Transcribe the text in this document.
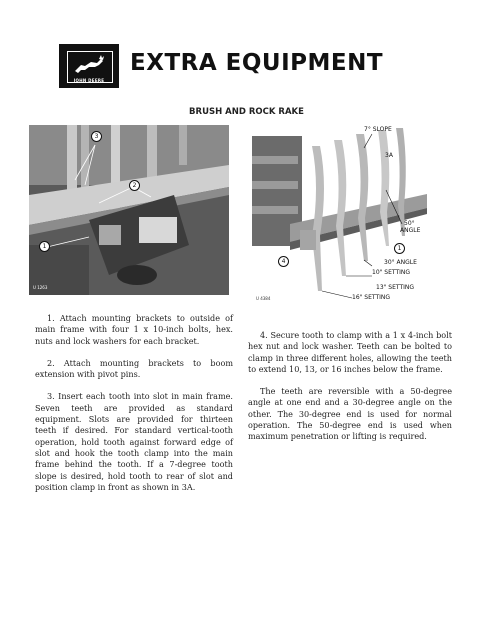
JOHN DEERE
EXTRA EQUIPMENT
BRUSH AND ROCK RAKE
3
2
1
U 1263
7° SLOPE
3A
50°
ANGLE
1
30° ANGLE
10" SETTING
13" SETTING
4
16" SETTING
U 4384

1. Attach mounting brackets to outside of main frame with four 1 x 10-inch bolts, hex. nuts and lock washers for each bracket.

2. Attach mounting brackets to boom extension with pivot pins.

3. Insert each tooth into slot in main frame. Seven teeth are provided as standard equipment. Slots are provided for thirteen teeth if desired. For standard vertical-tooth operation, hold tooth against forward edge of slot and hook the tooth clamp into the main frame behind the tooth. If a 7-degree tooth slope is desired, hold tooth to rear of slot and position clamp in front as shown in 3A.

4. Secure tooth to clamp with a 1 x 4-inch bolt hex nut and lock washer. Teeth can be bolted to clamp in three different holes, allowing the teeth to extend 10, 13, or 16 inches below the frame.

The teeth are reversible with a 50-degree angle at one end and a 30-degree angle on the other. The 30-degree end is used for normal operation. The 50-degree end is used when maximum penetration or lifting is required.
